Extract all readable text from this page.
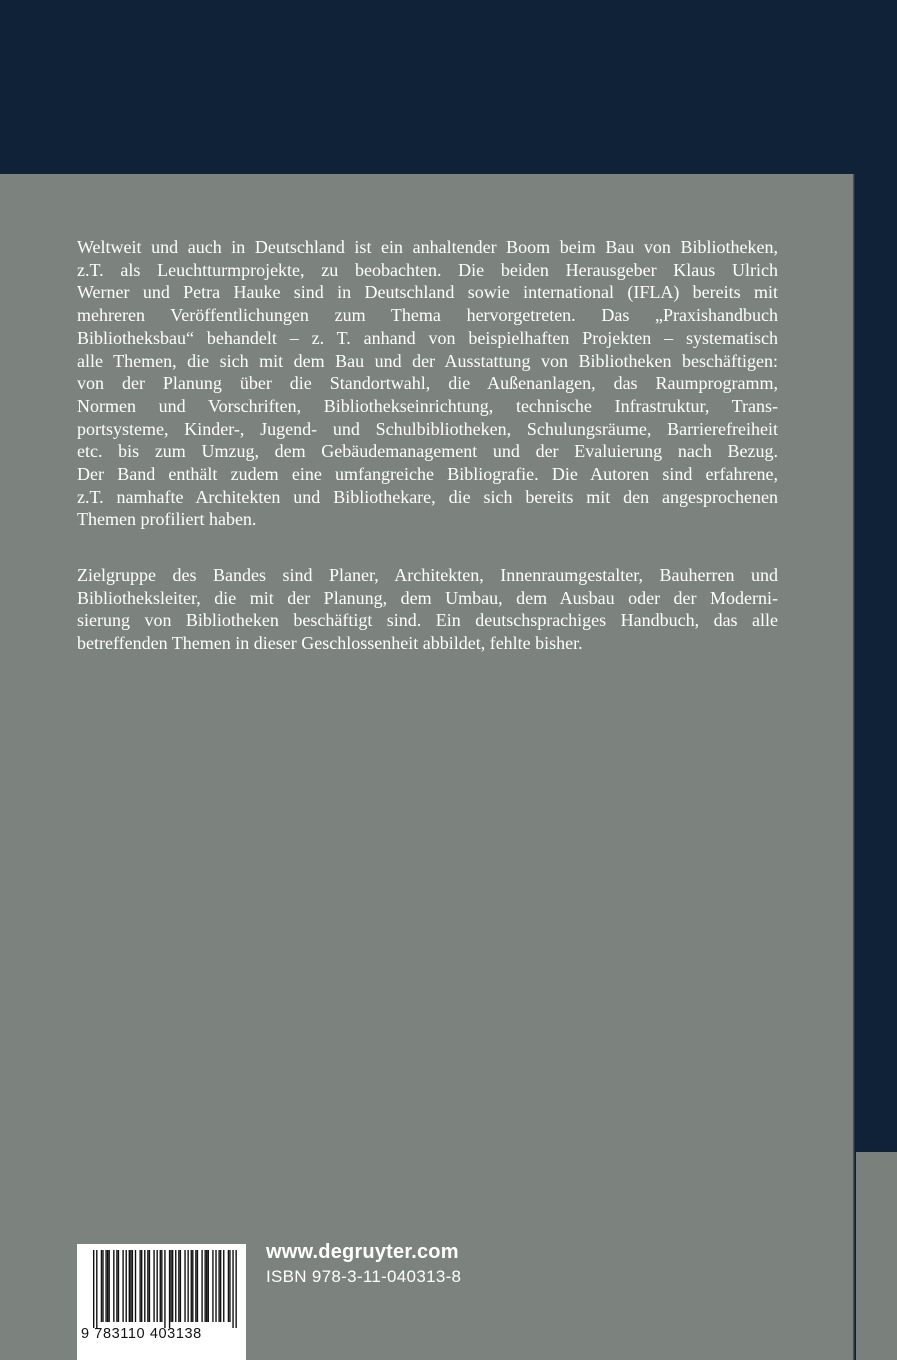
Weltweit und auch in Deutschland ist ein anhaltender Boom beim Bau von Bibliotheken,
z.T. als Leuchtturmprojekte, zu beobachten. Die beiden Herausgeber Klaus Ulrich
Werner und Petra Hauke sind in Deutschland sowie international (IFLA) bereits mit
mehreren Veröffentlichungen zum Thema hervorgetreten. Das „Praxishandbuch
Bibliotheksbau“ behandelt – z. T. anhand von beispielhaften Projekten – systematisch
alle Themen, die sich mit dem Bau und der Ausstattung von Bibliotheken beschäftigen:
von der Planung über die Standortwahl, die Außenanlagen, das Raumprogramm,
Normen und Vorschriften, Bibliothekseinrichtung, technische Infrastruktur, Trans-
portsysteme, Kinder-, Jugend- und Schulbibliotheken, Schulungsräume, Barrierefreiheit
etc. bis zum Umzug, dem Gebäudemanagement und der Evaluierung nach Bezug.
Der Band enthält zudem eine umfangreiche Bibliografie. Die Autoren sind erfahrene,
z.T. namhafte Architekten und Bibliothekare, die sich bereits mit den angesprochenen
Themen profiliert haben.
Zielgruppe des Bandes sind Planer, Architekten, Innenraumgestalter, Bauherren und
Bibliotheksleiter, die mit der Planung, dem Umbau, dem Ausbau oder der Moderni-
sierung von Bibliotheken beschäftigt sind. Ein deutschsprachiges Handbuch, das alle
betreffenden Themen in dieser Geschlossenheit abbildet, fehlte bisher.
9 783110 403138
www.degruyter.com
ISBN 978-3-11-040313-8
